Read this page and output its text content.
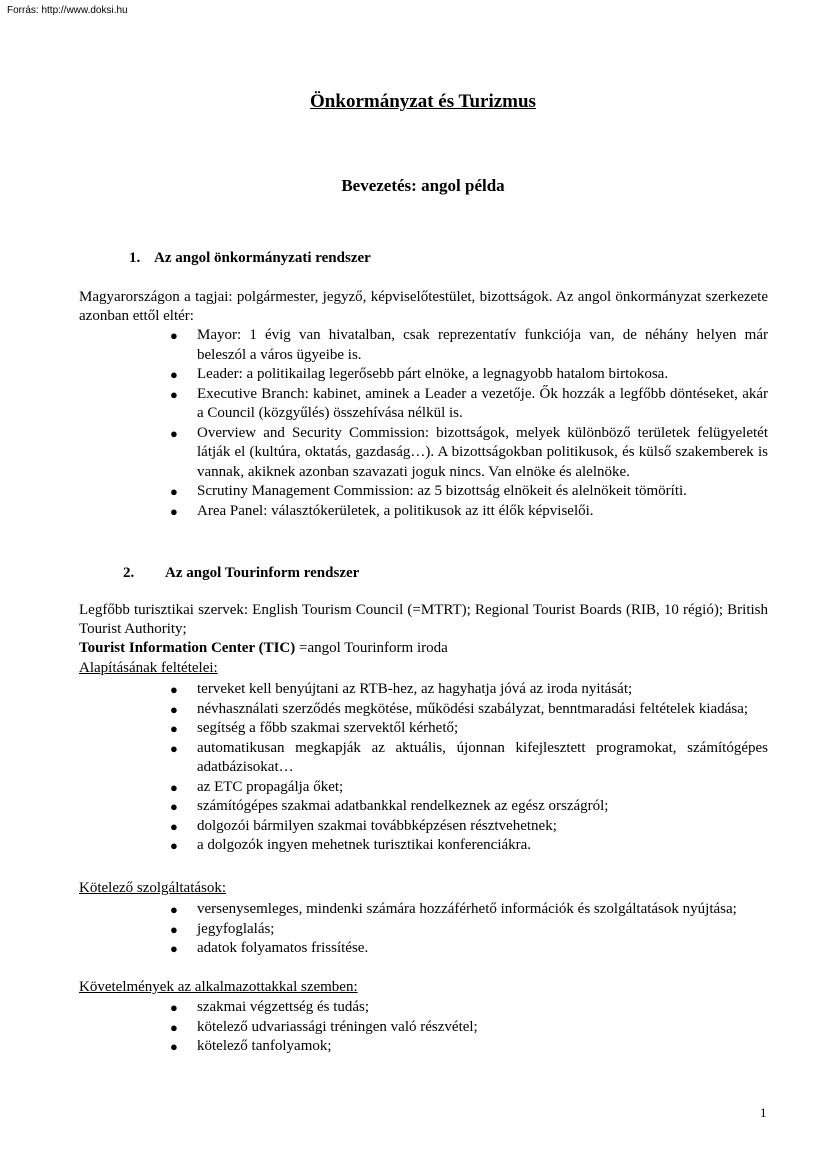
Forrás: http://www.doksi.hu
Önkormányzat és Turizmus
Bevezetés: angol példa
1. Az angol önkormányzati rendszer
Magyarországon a tagjai: polgármester, jegyző, képviselőtestület, bizottságok. Az angol önkormányzat szerkezete azonban ettől eltér:
● Mayor: 1 évig van hivatalban, csak reprezentatív funkciója van, de néhány helyen már beleszól a város ügyeibe is.
● Leader: a politikailag legerősebb párt elnöke, a legnagyobb hatalom birtokosa.
● Executive Branch: kabinet, aminek a Leader a vezetője. Ők hozzák a legfőbb döntéseket, akár a Council (közgyűlés) összehívása nélkül is.
● Overview and Security Commission: bizottságok, melyek különböző területek felügyeletét látják el (kultúra, oktatás, gazdaság…). A bizottságokban politikusok, és külső szakemberek is vannak, akiknek azonban szavazati joguk nincs. Van elnöke és alelnöke.
● Scrutiny Management Commission: az 5 bizottság elnökeit és alelnökeit tömöríti.
● Area Panel: választókerületek, a politikusok az itt élők képviselői.
2. Az angol Tourinform rendszer
Legfőbb turisztikai szervek: English Tourism Council (=MTRT); Regional Tourist Boards (RIB, 10 régió); British Tourist Authority;
Tourist Information Center (TIC) =angol Tourinform iroda
Alapításának feltételei:
● terveket kell benyújtani az RTB-hez, az hagyhatja jóvá az iroda nyitását;
● névhasználati szerződés megkötése, működési szabályzat, benntmaradási feltételek kiadása;
● segítség a főbb szakmai szervektől kérhető;
● automatikusan megkapják az aktuális, újonnan kifejlesztett programokat, számítógépes adatbázisokat…
● az ETC propagálja őket;
● számítógépes szakmai adatbankkal rendelkeznek az egész országról;
● dolgozói bármilyen szakmai továbbképzésen résztvehetnek;
● a dolgozók ingyen mehetnek turisztikai konferenciákra.
Kötelező szolgáltatások:
● versenysemleges, mindenki számára hozzáférhető információk és szolgáltatások nyújtása;
● jegyfoglalás;
● adatok folyamatos frissítése.
Követelmények az alkalmazottakkal szemben:
● szakmai végzettség és tudás;
● kötelező udvariassági tréningen való részvétel;
● kötelező tanfolyamok;
1
